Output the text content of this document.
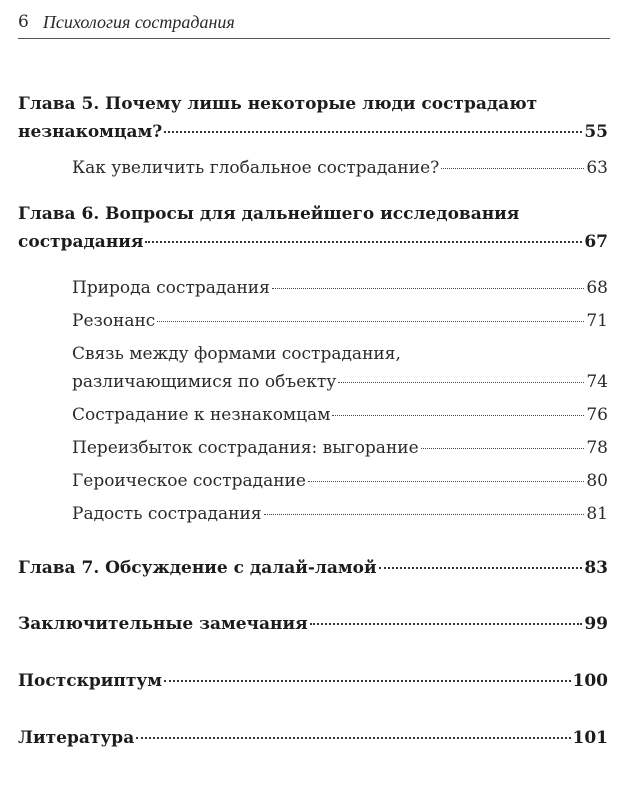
6 Психология сострадания
Глава 5. Почему лишь некоторые люди сострадают
незнакомцам?	55
Как увеличить глобальное сострадание?	63
Глава 6. Вопросы для дальнейшего исследования
сострадания	67
Природа сострадания	68
Резонанс	71
Связь между формами сострадания,
различающимися по объекту	74
Сострадание к незнакомцам	76
Переизбыток сострадания: выгорание	78
Героическое сострадание	80
Радость сострадания	81
Глава 7. Обсуждение с далай-ламой	83
Заключительные замечания	99
Постскриптум	100
Литература	101
